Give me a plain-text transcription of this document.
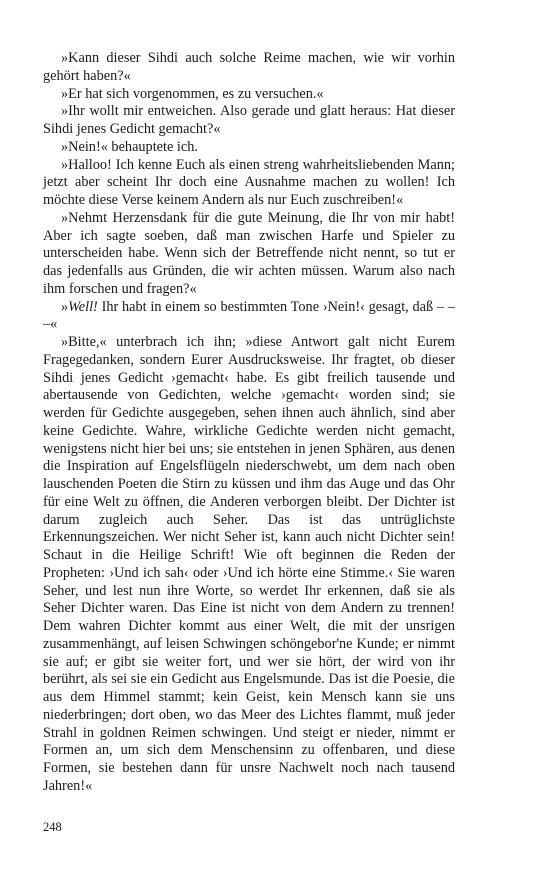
»Kann dieser Sihdi auch solche Reime machen, wie wir vorhin gehört haben?«

»Er hat sich vorgenommen, es zu versuchen.«

»Ihr wollt mir entweichen. Also gerade und glatt heraus: Hat dieser Sihdi jenes Gedicht gemacht?«

»Nein!« behauptete ich.

»Halloo! Ich kenne Euch als einen streng wahrheitsliebenden Mann; jetzt aber scheint Ihr doch eine Ausnahme machen zu wollen! Ich möchte diese Verse keinem Andern als nur Euch zuschreiben!«

»Nehmt Herzensdank für die gute Meinung, die Ihr von mir habt! Aber ich sagte soeben, daß man zwischen Harfe und Spieler zu unterscheiden habe. Wenn sich der Betreffende nicht nennt, so tut er das jedenfalls aus Gründen, die wir achten müssen. Warum also nach ihm forschen und fragen?«

»Well! Ihr habt in einem so bestimmten Tone ›Nein!‹ gesagt, daß – – –«

»Bitte,« unterbrach ich ihn; »diese Antwort galt nicht Eurem Fragegedanken, sondern Eurer Ausdrucksweise. Ihr fragtet, ob dieser Sihdi jenes Gedicht ›gemacht‹ habe. Es gibt freilich tausende und abertausende von Gedichten, welche ›gemacht‹ worden sind; sie werden für Gedichte ausgegeben, sehen ihnen auch ähnlich, sind aber keine Gedichte. Wahre, wirkliche Gedichte werden nicht gemacht, wenigstens nicht hier bei uns; sie entstehen in jenen Sphären, aus denen die Inspiration auf Engelsflügeln niederschwebt, um dem nach oben lauschenden Poeten die Stirn zu küssen und ihm das Auge und das Ohr für eine Welt zu öffnen, die Anderen verborgen bleibt. Der Dichter ist darum zugleich auch Seher. Das ist das untrüglichste Erkennungszeichen. Wer nicht Seher ist, kann auch nicht Dichter sein! Schaut in die Heilige Schrift! Wie oft beginnen die Reden der Propheten: ›Und ich sah‹ oder ›Und ich hörte eine Stimme.‹ Sie waren Seher, und lest nun ihre Worte, so werdet Ihr erkennen, daß sie als Seher Dichter waren. Das Eine ist nicht von dem Andern zu trennen! Dem wahren Dichter kommt aus einer Welt, die mit der unsrigen zusammenhängt, auf leisen Schwingen schöngebor'ne Kunde; er nimmt sie auf; er gibt sie weiter fort, und wer sie hört, der wird von ihr berührt, als sei sie ein Gedicht aus Engelsmunde. Das ist die Poesie, die aus dem Himmel stammt; kein Geist, kein Mensch kann sie uns niederbringen; dort oben, wo das Meer des Lichtes flammt, muß jeder Strahl in goldnen Reimen schwingen. Und steigt er nieder, nimmt er Formen an, um sich dem Menschensinn zu offenbaren, und diese Formen, sie bestehen dann für unsre Nachwelt noch nach tausend Jahren!«

248
